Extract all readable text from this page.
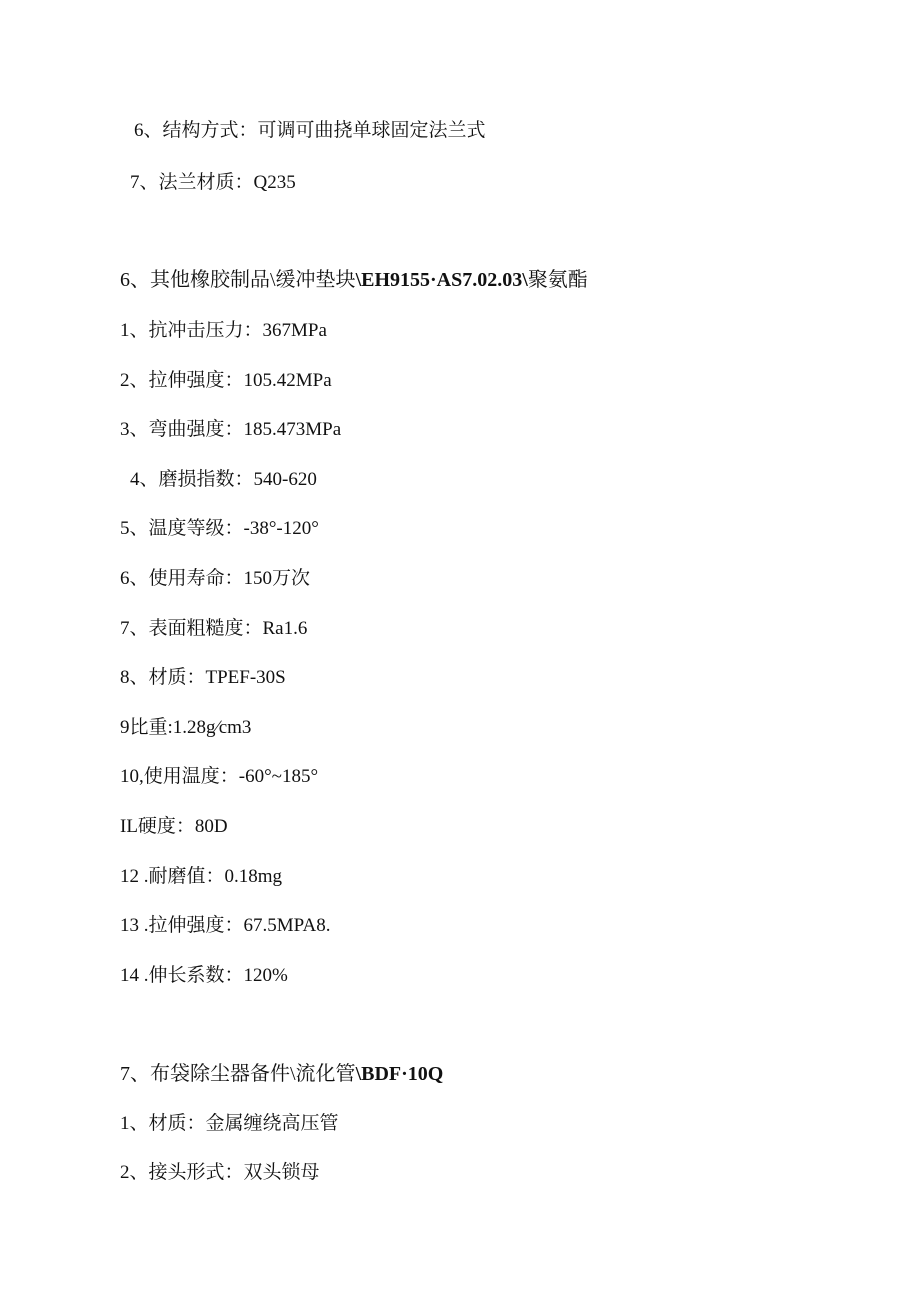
6、结构方式：可调可曲挠单球固定法兰式
7、法兰材质：Q235
6、其他橡胶制品\缓冲垫块\EH9155·AS7.02.03\聚氨酯
1、抗冲击压力：367MPa
2、拉伸强度：105.42MPa
3、弯曲强度：185.473MPa
4、磨损指数：540-620
5、温度等级：-38°-120°
6、使用寿命：150万次
7、表面粗糙度：Ra1.6
8、材质：TPEF-30S
9比重:1.28g∕cm3
10,使用温度：-60°~185°
IL硬度：80D
12 .耐磨值：0.18mg
13 .拉伸强度：67.5MPA8.
14 .伸长系数：120%
7、布袋除尘器备件\流化管\BDF·10Q
1、材质：金属缠绕高压管
2、接头形式：双头锁母
